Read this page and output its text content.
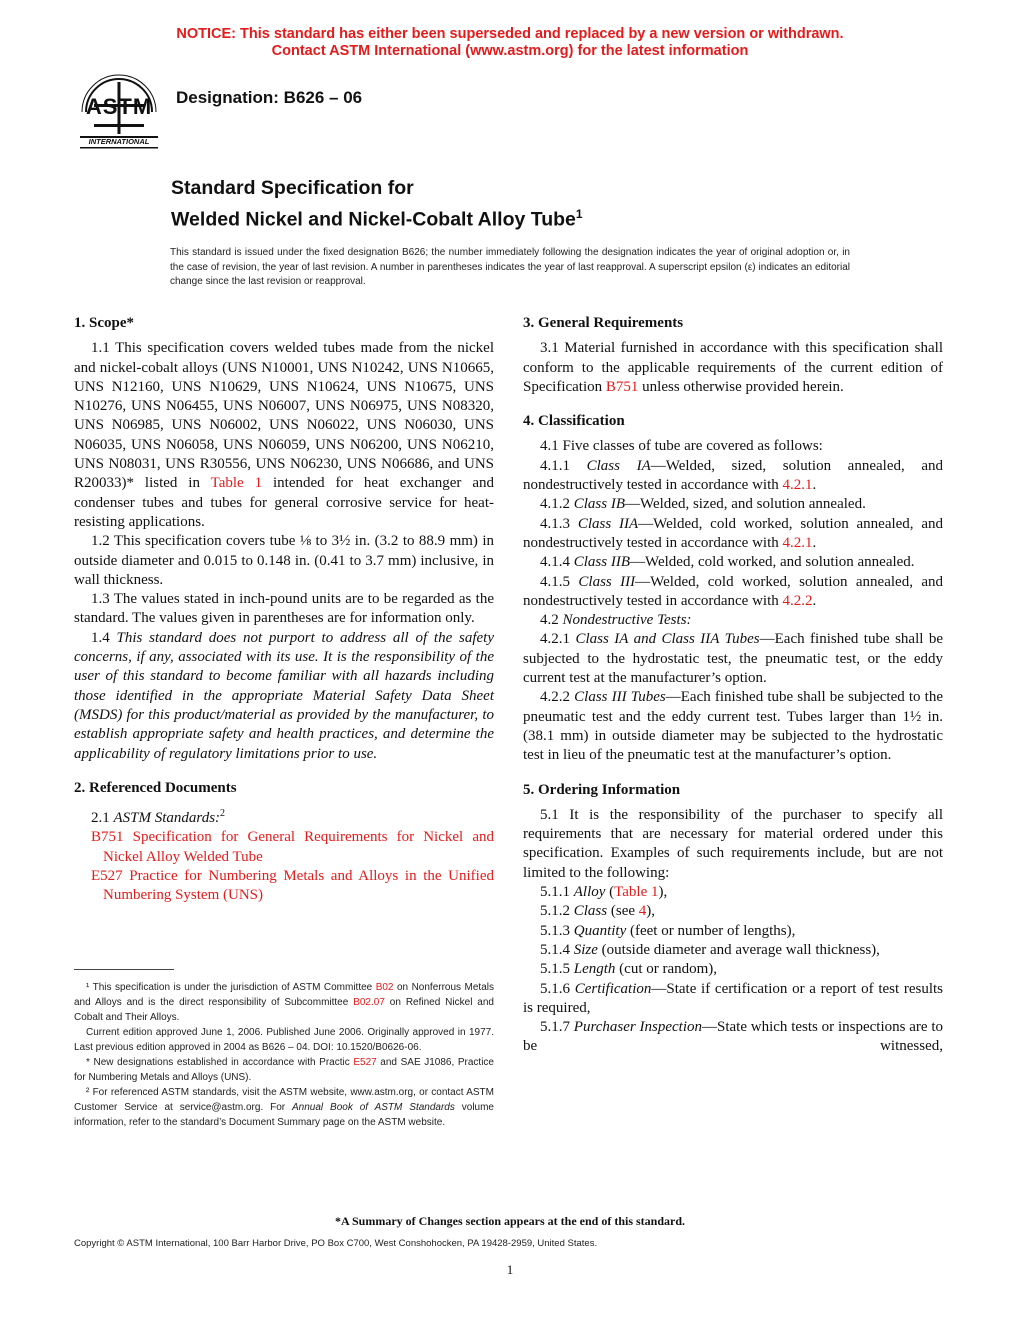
NOTICE: This standard has either been superseded and replaced by a new version or withdrawn.
Contact ASTM International (www.astm.org) for the latest information
ASTM
INTERNATIONAL
Designation: B626 – 06
Standard Specification for
Welded Nickel and Nickel-Cobalt Alloy Tube$^1$
This standard is issued under the fixed designation B626; the number immediately following the designation indicates the year of original adoption or, in the case of revision, the year of last revision. A number in parentheses indicates the year of last reapproval. A superscript epsilon (ε) indicates an editorial change since the last revision or reapproval.
1. Scope*

1.1 This specification covers welded tubes made from the nickel and nickel-cobalt alloys (UNS N10001, UNS N10242, UNS N10665, UNS N12160, UNS N10629, UNS N10624, UNS N10675, UNS N10276, UNS N06455, UNS N06007, UNS N06975, UNS N08320, UNS N06985, UNS N06002, UNS N06022, UNS N06030, UNS N06035, UNS N06058, UNS N06059, UNS N06200, UNS N06210, UNS N08031, UNS R30556, UNS N06230, UNS N06686, and UNS R20033)* listed in Table 1 intended for heat exchanger and condenser tubes and tubes for general corrosive service for heat-resisting applications.

1.2 This specification covers tube ⅛ to 3½ in. (3.2 to 88.9 mm) in outside diameter and 0.015 to 0.148 in. (0.41 to 3.7 mm) inclusive, in wall thickness.

1.3 The values stated in inch-pound units are to be regarded as the standard. The values given in parentheses are for information only.

1.4 This standard does not purport to address all of the safety concerns, if any, associated with its use. It is the responsibility of the user of this standard to become familiar with all hazards including those identified in the appropriate Material Safety Data Sheet (MSDS) for this product/material as provided by the manufacturer, to establish appropriate safety and health practices, and determine the applicability of regulatory limitations prior to use.

2. Referenced Documents

2.1 ASTM Standards:$^2$

B751 Specification for General Requirements for Nickel and Nickel Alloy Welded Tube

E527 Practice for Numbering Metals and Alloys in the Unified Numbering System (UNS)

¹ This specification is under the jurisdiction of ASTM Committee B02 on Nonferrous Metals and Alloys and is the direct responsibility of Subcommittee B02.07 on Refined Nickel and Cobalt and Their Alloys.

Current edition approved June 1, 2006. Published June 2006. Originally approved in 1977. Last previous edition approved in 2004 as B626 – 04. DOI: 10.1520/B0626-06.

* New designations established in accordance with Practic E527 and SAE J1086, Practice for Numbering Metals and Alloys (UNS).

² For referenced ASTM standards, visit the ASTM website, www.astm.org, or contact ASTM Customer Service at service@astm.org. For Annual Book of ASTM Standards volume information, refer to the standard’s Document Summary page on the ASTM website.

3. General Requirements

3.1 Material furnished in accordance with this specification shall conform to the applicable requirements of the current edition of Specification B751 unless otherwise provided herein.

4. Classification

4.1 Five classes of tube are covered as follows:

4.1.1 Class IA—Welded, sized, solution annealed, and nondestructively tested in accordance with 4.2.1.

4.1.2 Class IB—Welded, sized, and solution annealed.

4.1.3 Class IIA—Welded, cold worked, solution annealed, and nondestructively tested in accordance with 4.2.1.

4.1.4 Class IIB—Welded, cold worked, and solution annealed.

4.1.5 Class III—Welded, cold worked, solution annealed, and nondestructively tested in accordance with 4.2.2.

4.2 Nondestructive Tests:

4.2.1 Class IA and Class IIA Tubes—Each finished tube shall be subjected to the hydrostatic test, the pneumatic test, or the eddy current test at the manufacturer’s option.

4.2.2 Class III Tubes—Each finished tube shall be subjected to the pneumatic test and the eddy current test. Tubes larger than 1½ in. (38.1 mm) in outside diameter may be subjected to the hydrostatic test in lieu of the pneumatic test at the manufacturer’s option.

5. Ordering Information

5.1 It is the responsibility of the purchaser to specify all requirements that are necessary for material ordered under this specification. Examples of such requirements include, but are not limited to the following:

5.1.1 Alloy (Table 1),

5.1.2 Class (see 4),

5.1.3 Quantity (feet or number of lengths),

5.1.4 Size (outside diameter and average wall thickness),

5.1.5 Length (cut or random),

5.1.6 Certification—State if certification or a report of test results is required,

5.1.7 Purchaser Inspection—State which tests or inspections are to be witnessed,

*A Summary of Changes section appears at the end of this standard.
Copyright © ASTM International, 100 Barr Harbor Drive, PO Box C700, West Conshohocken, PA 19428-2959, United States.
1
